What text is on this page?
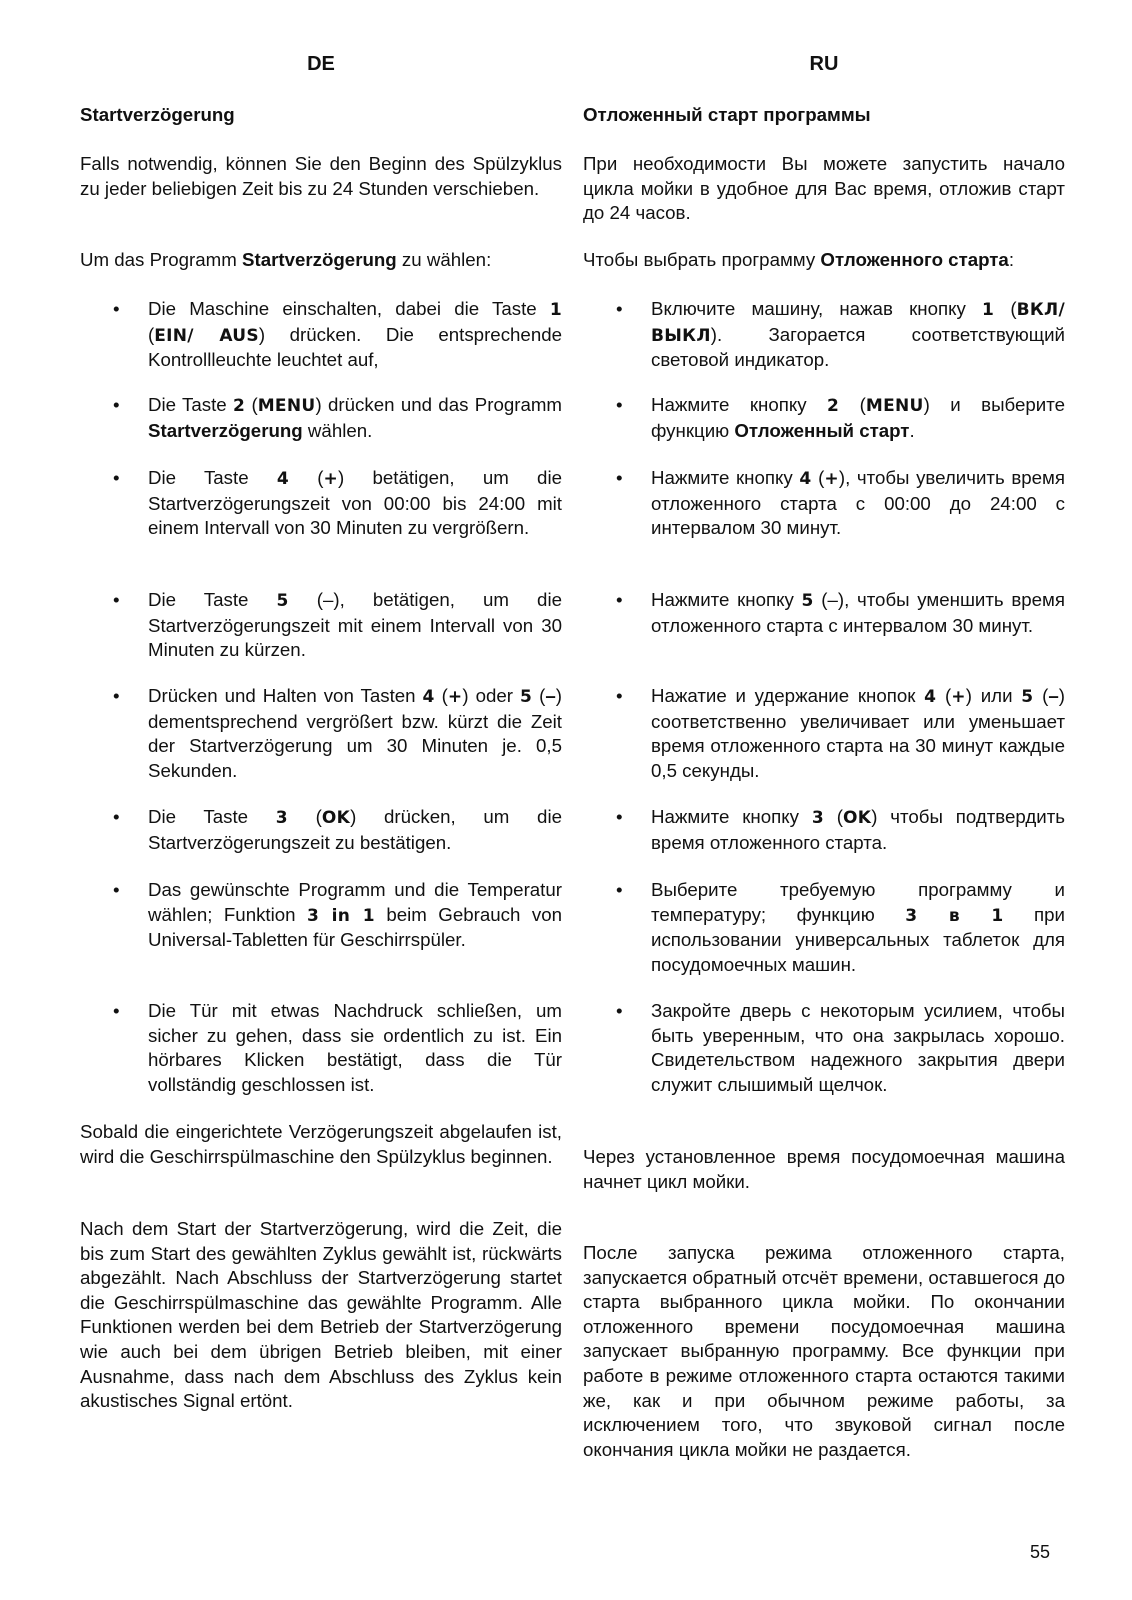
DE

Startverzögerung

Falls notwendig, können Sie den Beginn des Spülzyklus zu jeder beliebigen Zeit bis zu 24 Stunden verschieben.

Um das Programm Startverzögerung zu wählen:

• Die Maschine einschalten, dabei die Taste 1 (EIN/ AUS) drücken. Die entsprechende Kontrollleuchte leuchtet auf,

• Die Taste 2 (MENU) drücken und das Programm Startverzögerung wählen.

• Die Taste 4 (+) betätigen, um die Startverzögerungszeit von 00:00 bis 24:00 mit einem Intervall von 30 Minuten zu vergrößern.

• Die Taste 5 (–), betätigen, um die Startverzögerungszeit mit einem Intervall von 30 Minuten zu kürzen.

• Drücken und Halten von Tasten 4 (+) oder 5 (–) dementsprechend vergrößert bzw. kürzt die Zeit der Startverzögerung um 30 Minuten je. 0,5 Sekunden.

• Die Taste 3 (OK) drücken, um die Startverzögerungszeit zu bestätigen.

• Das gewünschte Programm und die Temperatur wählen; Funktion 3 in 1 beim Gebrauch von Universal-Tabletten für Geschirrspüler.

• Die Tür mit etwas Nachdruck schließen, um sicher zu gehen, dass sie ordentlich zu ist. Ein hörbares Klicken bestätigt, dass die Tür vollständig geschlossen ist.

Sobald die eingerichtete Verzögerungszeit abgelaufen ist, wird die Geschirrspülmaschine den Spülzyklus beginnen.

Nach dem Start der Startverzögerung, wird die Zeit, die bis zum Start des gewählten Zyklus gewählt ist, rückwärts abgezählt. Nach Abschluss der Startverzögerung startet die Geschirrspülmaschine das gewählte Programm. Alle Funktionen werden bei dem Betrieb der Startverzögerung wie auch bei dem übrigen Betrieb bleiben, mit einer Ausnahme, dass nach dem Abschluss des Zyklus kein akustisches Signal ertönt.

RU

Отложенный старт программы

При необходимости Вы можете запустить начало цикла мойки в удобное для Вас время, отложив старт до 24 часов.

Чтобы выбрать программу Отложенного старта:

• Включите машину, нажав кнопку 1 (ВКЛ/ ВЫКЛ). Загорается соответствующий световой индикатор.

• Нажмите кнопку 2 (MENU) и выберите функцию Отложенный старт.

• Нажмите кнопку 4 (+), чтобы увеличить время отложенного старта с 00:00 до 24:00 с интервалом 30 минут.

• Нажмите кнопку 5 (–), чтобы уменшить время отложенного старта с интервалом 30 минут.

• Нажатие и удержание кнопок 4 (+) или 5 (–) соответственно увеличивает или уменьшает время отложенного старта на 30 минут каждые 0,5 секунды.

• Нажмите кнопку 3 (OK) чтобы подтвердить время отложенного старта.

• Выберите требуемую программу и температуру; функцию 3 в 1 при использовании универсальных таблеток для посудомоечных машин.

• Закройте дверь с некоторым усилием, чтобы быть уверенным, что она закрылась хорошо. Свидетельством надежного закрытия двери служит слышимый щелчок.

Через установленное время посудомоечная машина начнет цикл мойки.

После запуска режима отложенного старта, запускается обратный отсчёт времени, оставшегося до старта выбранного цикла мойки. По окончании отложенного времени посудомоечная машина запускает выбранную программу. Все функции при работе в режиме отложенного старта остаются такими же, как и при обычном режиме работы, за исключением того, что звуковой сигнал после окончания цикла мойки не раздается.

55
